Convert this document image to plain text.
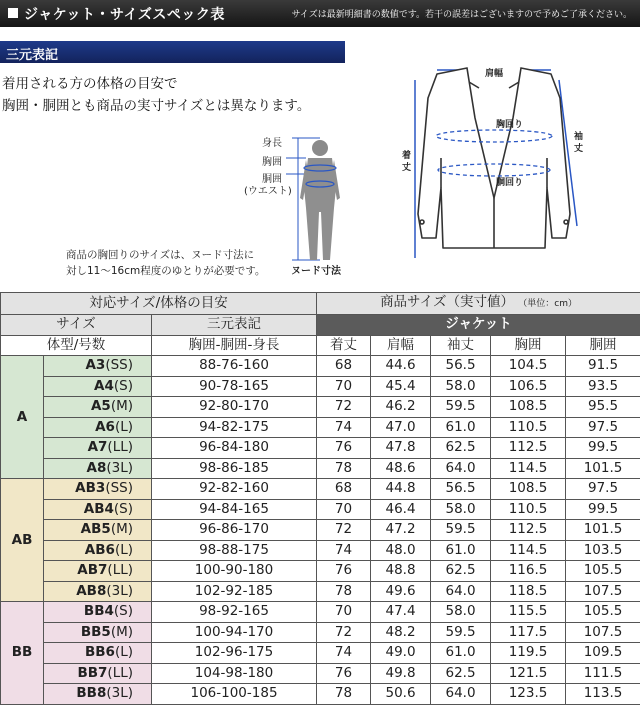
ジャケット・サイズスペック表	サイズは最新明細書の数値です。若干の誤差はございますので予めご了承ください。
三元表記
着用される方の体格の目安で
胸囲・胴囲とも商品の実寸サイズとは異なります。
身長
胸囲
胴囲
(ウエスト)
ヌード寸法
商品の胸回りのサイズは、ヌード寸法に
対し11〜16cm程度のゆとりが必要です。
肩幅
胸回り
胴回り
着
丈
袖
丈
対応サイズ/体格の目安			商品サイズ（実寸値） （単位：cm）				
サイズ		三元表記	ジャケット				
体型/号数		胸囲-胴囲-身長	着丈	肩幅	袖丈	胸囲	胴囲
A	A3(SS)	88-76-160	68	44.6	56.5	104.5	91.5
	A4(S)	90-78-165	70	45.4	58.0	106.5	93.5
	A5(M)	92-80-170	72	46.2	59.5	108.5	95.5
	A6(L)	94-82-175	74	47.0	61.0	110.5	97.5
	A7(LL)	96-84-180	76	47.8	62.5	112.5	99.5
	A8(3L)	98-86-185	78	48.6	64.0	114.5	101.5
AB	AB3(SS)	92-82-160	68	44.8	56.5	108.5	97.5
	AB4(S)	94-84-165	70	46.4	58.0	110.5	99.5
	AB5(M)	96-86-170	72	47.2	59.5	112.5	101.5
	AB6(L)	98-88-175	74	48.0	61.0	114.5	103.5
	AB7(LL)	100-90-180	76	48.8	62.5	116.5	105.5
	AB8(3L)	102-92-185	78	49.6	64.0	118.5	107.5
BB	BB4(S)	98-92-165	70	47.4	58.0	115.5	105.5
	BB5(M)	100-94-170	72	48.2	59.5	117.5	107.5
	BB6(L)	102-96-175	74	49.0	61.0	119.5	109.5
	BB7(LL)	104-98-180	76	49.8	62.5	121.5	111.5
	BB8(3L)	106-100-185	78	50.6	64.0	123.5	113.5
